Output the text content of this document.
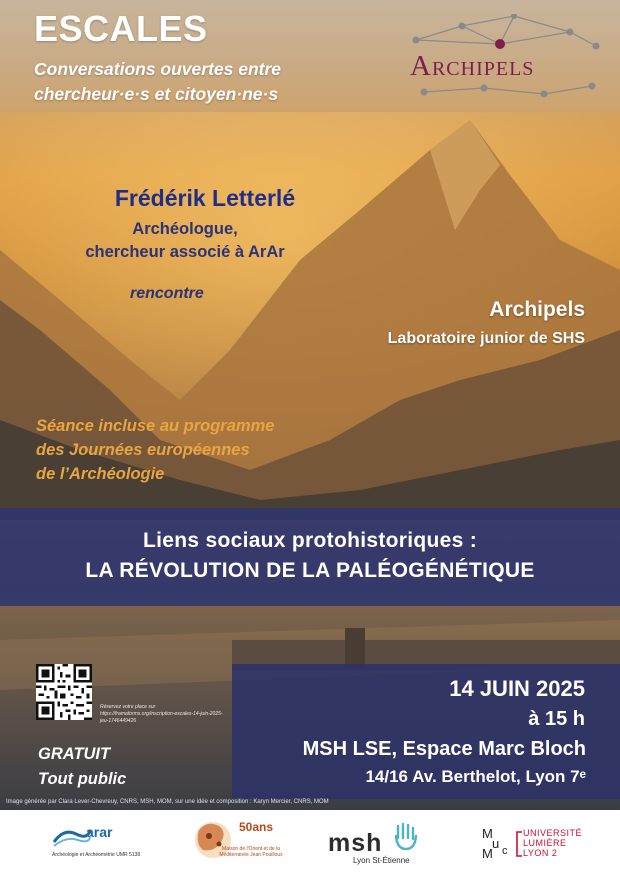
ESCALES
Conversations ouvertes entre
chercheur·e·s et citoyen·ne·s
Archipels
Frédérik Letterlé
Archéologue,
chercheur associé à ArAr
rencontre
Archipels
Laboratoire junior de SHS
Séance incluse au programme
des Journées européennes
de l’Archéologie
Liens sociaux protohistoriques :
LA RÉVOLUTION DE LA PALÉOGÉNÉTIQUE
14 JUIN 2025
à 15 h
MSH LSE, Espace Marc Bloch
14/16 Av. Berthelot, Lyon 7ᵉ
Réservez votre place sur https://framaforms.org/inscription-escales-14-juin-2025-jeu-1746449426
GRATUIT
Tout public
Image générée par Clara Lever-Chevreuy, CNRS, MSH, MOM, sur une idée et composition : Karyn Mercier, CNRS, MOM
arar
Archéologie et Archéométrie UMR 5138
50ans
Maison de l'Orient et de la Méditerranée Jean Pouilloux msh
Lyon St-Étienne
M
u
M c
UNIVERSITÉ
LUMIÈRE
LYON 2
